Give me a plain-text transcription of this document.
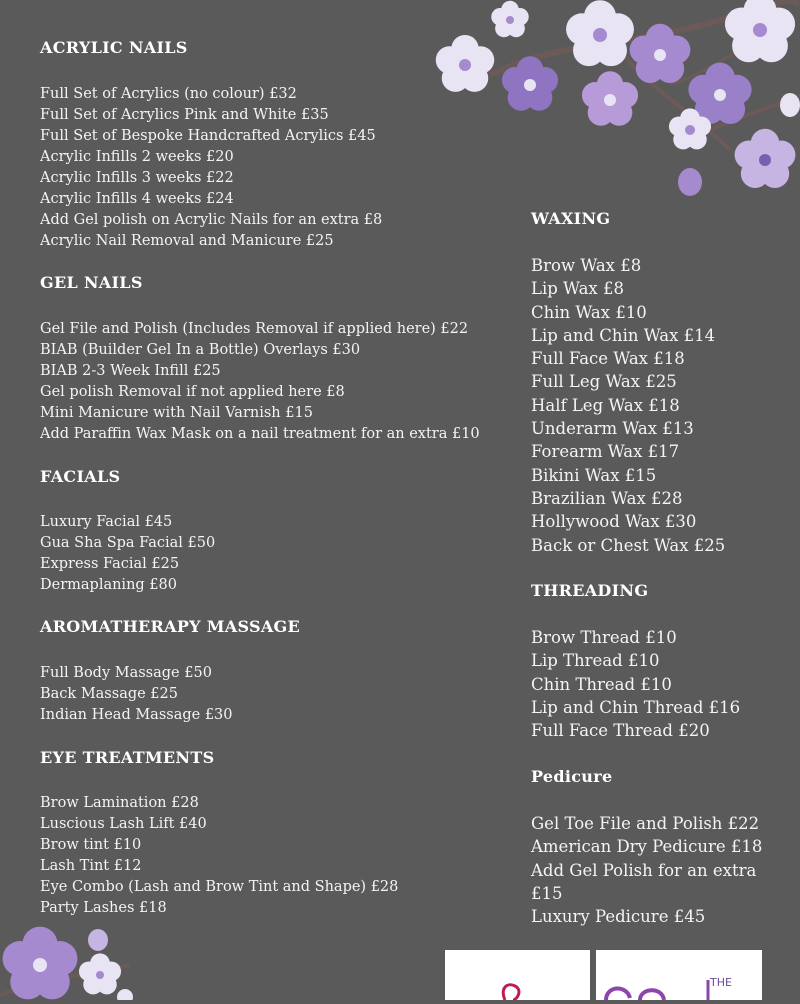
ACRYLIC NAILS
Full Set of Acrylics (no colour) £32
Full Set of Acrylics Pink and White £35
Full Set of Bespoke Handcrafted Acrylics £45
Acrylic Infills 2 weeks £20
Acrylic Infills 3 weeks £22
Acrylic Infills 4 weeks £24
Add Gel polish on Acrylic Nails for an extra £8
Acrylic Nail Removal and Manicure £25
GEL NAILS
Gel File and Polish (Includes Removal if applied here) £22
BIAB (Builder Gel In a Bottle) Overlays £30
BIAB 2-3 Week Infill £25
Gel polish Removal if not applied here £8
Mini Manicure with Nail Varnish £15
Add Paraffin Wax Mask on a nail treatment for an extra £10
FACIALS
Luxury Facial £45
Gua Sha Spa Facial £50
Express Facial £25
Dermaplaning £80
AROMATHERAPY MASSAGE
Full Body Massage £50
Back Massage £25
Indian Head Massage £30
EYE TREATMENTS
Brow Lamination £28
Luscious Lash Lift £40
Brow tint £10
Lash Tint £12
Eye Combo (Lash and Brow Tint and Shape) £28
Party Lashes £18
WAXING
Brow Wax £8
Lip Wax £8
Chin Wax £10
Lip and Chin Wax £14
Full Face Wax £18
Full Leg Wax £25
Half Leg Wax £18
Underarm Wax £13
Forearm Wax £17
Bikini Wax £15
Brazilian Wax £28
Hollywood Wax £30
Back or Chest Wax £25
THREADING
Brow Thread £10
Lip Thread £10
Chin Thread £10
Lip and Chin Thread £16
Full Face Thread £20
Pedicure
Gel Toe File and Polish £22
American Dry Pedicure £18
Add Gel Polish for an extra £15
Luxury Pedicure £45
THE
